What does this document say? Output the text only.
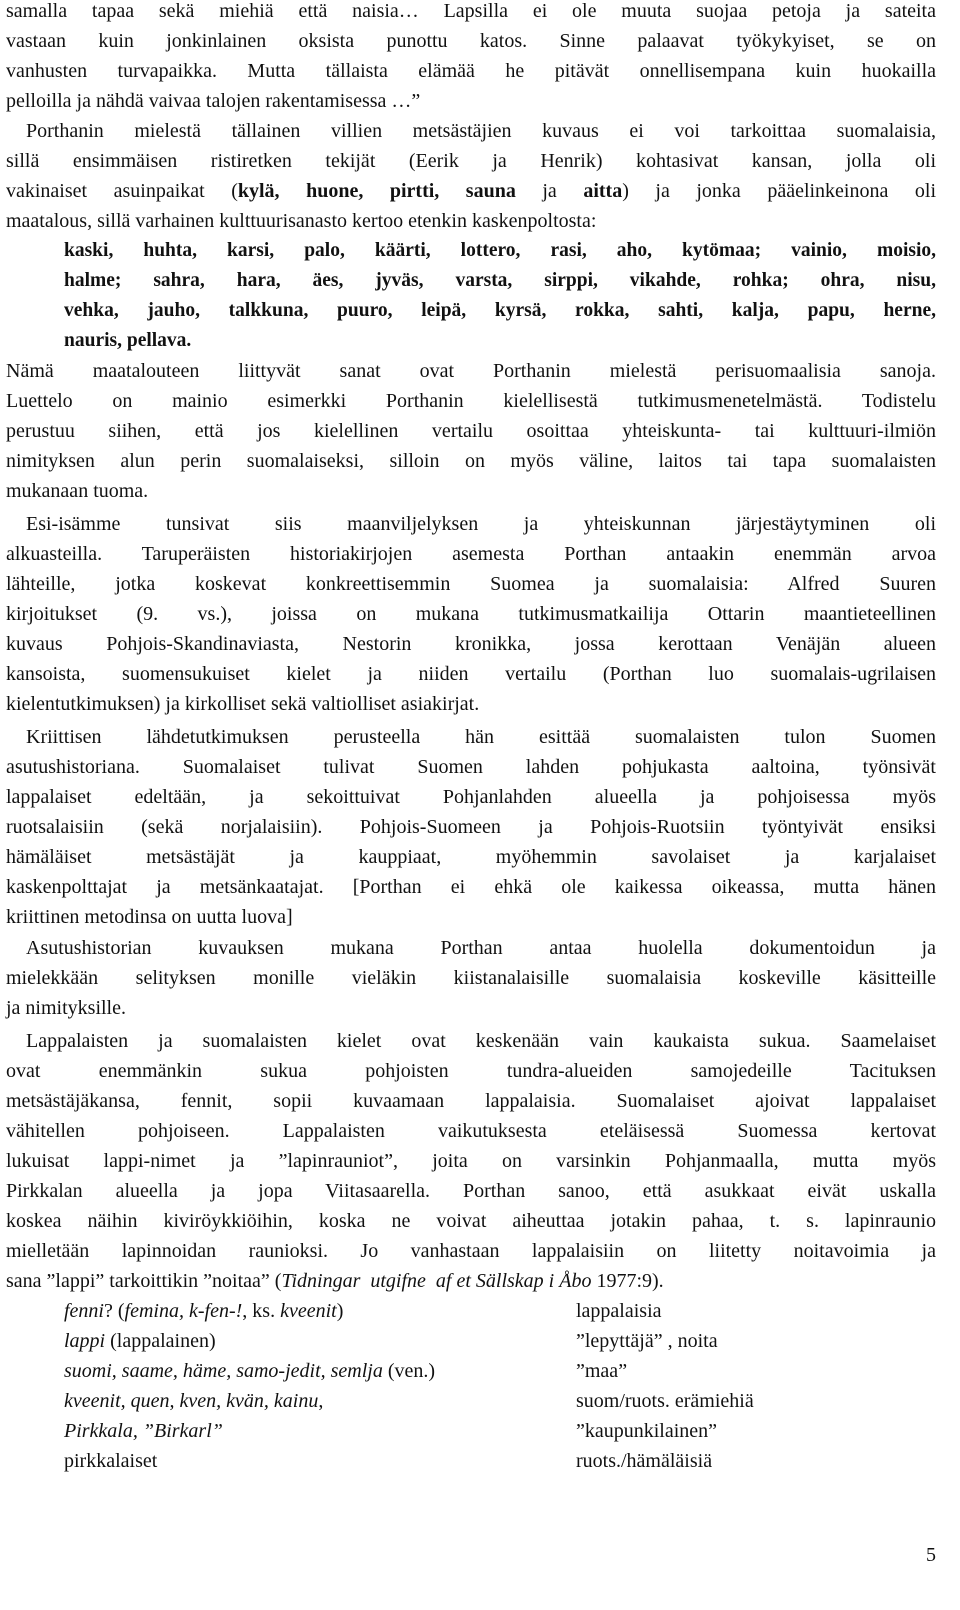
samalla tapaa sekä miehiä että naisia… Lapsilla ei ole muuta suojaa petoja ja sateita
vastaan kuin jonkinlainen oksista punottu katos. Sinne palaavat työkykyiset, se on
vanhusten turvapaikka. Mutta tällaista elämää he pitävät onnellisempana kuin huokailla
pelloilla ja nähdä vaivaa talojen rakentamisessa …”
Porthanin mielestä tällainen villien metsästäjien kuvaus ei voi tarkoittaa suomalaisia,
sillä ensimmäisen ristiretken tekijät (Eerik ja Henrik) kohtasivat kansan, jolla oli
vakinaiset asuinpaikat (kylä, huone, pirtti, sauna ja aitta) ja jonka pääelinkeinona oli
maatalous, sillä varhainen kulttuurisanasto kertoo etenkin kaskenpoltosta:
kaski, huhta, karsi, palo, käärti, lottero, rasi, aho, kytömaa; vainio, moisio,
halme; sahra, hara, äes, jyväs, varsta, sirppi, vikahde, rohka; ohra, nisu,
vehka, jauho, talkkuna, puuro, leipä, kyrsä, rokka, sahti, kalja, papu, herne,
nauris, pellava.
Nämä maatalouteen liittyvät sanat ovat Porthanin mielestä perisuomaalisia sanoja.
Luettelo on mainio esimerkki Porthanin kielellisestä tutkimusmenetelmästä. Todistelu
perustuu siihen, että jos kielellinen vertailu osoittaa yhteiskunta- tai kulttuuri-ilmiön
nimityksen alun perin suomalaiseksi, silloin on myös väline, laitos tai tapa suomalaisten
mukanaan tuoma.
Esi-isämme tunsivat siis maanviljelyksen ja yhteiskunnan järjestäytyminen oli
alkuasteilla. Taruperäisten historiakirjojen asemesta Porthan antaakin enemmän arvoa
lähteille, jotka koskevat konkreettisemmin Suomea ja suomalaisia: Alfred Suuren
kirjoitukset (9. vs.), joissa on mukana tutkimusmatkailija Ottarin maantieteellinen
kuvaus Pohjois-Skandinaviasta, Nestorin kronikka, jossa kerottaan Venäjän alueen
kansoista, suomensukuiset kielet ja niiden vertailu (Porthan luo suomalais-ugrilaisen
kielentutkimuksen) ja kirkolliset sekä valtiolliset asiakirjat.
Kriittisen lähdetutkimuksen perusteella hän esittää suomalaisten tulon Suomen
asutushistoriana. Suomalaiset tulivat Suomen lahden pohjukasta aaltoina, työnsivät
lappalaiset edeltään, ja sekoittuivat Pohjanlahden alueella ja pohjoisessa myös
ruotsalaisiin (sekä norjalaisiin). Pohjois-Suomeen ja Pohjois-Ruotsiin työntyivät ensiksi
hämäläiset metsästäjät ja kauppiaat, myöhemmin savolaiset ja karjalaiset
kaskenpolttajat ja metsänkaatajat. [Porthan ei ehkä ole kaikessa oikeassa, mutta hänen
kriittinen metodinsa on uutta luova]
Asutushistorian kuvauksen mukana Porthan antaa huolella dokumentoidun ja
mielekkään selityksen monille vieläkin kiistanalaisille suomalaisia koskeville käsitteille
ja nimityksille.
Lappalaisten ja suomalaisten kielet ovat keskenään vain kaukaista sukua. Saamelaiset
ovat enemmänkin sukua pohjoisten tundra-alueiden samojedeille Tacituksen
metsästäjäkansa, fennit, sopii kuvaamaan lappalaisia. Suomalaiset ajoivat lappalaiset
vähitellen pohjoiseen. Lappalaisten vaikutuksesta eteläisessä Suomessa kertovat
lukuisat lappi-nimet ja ”lapinrauniot”, joita on varsinkin Pohjanmaalla, mutta myös
Pirkkalan alueella ja jopa Viitasaarella. Porthan sanoo, että asukkaat eivät uskalla
koskea näihin kiviröykkiöihin, koska ne voivat aiheuttaa jotakin pahaa, t. s. lapinraunio
mielletään lapinnoidan raunioksi. Jo vanhastaan lappalaisiin on liitetty noitavoimia ja
sana ”lappi” tarkoittikin ”noitaa” (Tidningar  utgifne  af et Sällskap i Åbo 1977:9).
fenni? (femina, k-fen-!, ks. kveenit)	lappalaisia
lappi (lappalainen)	”lepyttäjä” , noita
suomi, saame, häme, samo-jedit, semlja (ven.)	”maa”
kveenit, quen, kven, kvän, kainu,	suom/ruots. erämiehiä
Pirkkala, ”Birkarl”	”kaupunkilainen”
pirkkalaiset	ruots./hämäläisiä
5
